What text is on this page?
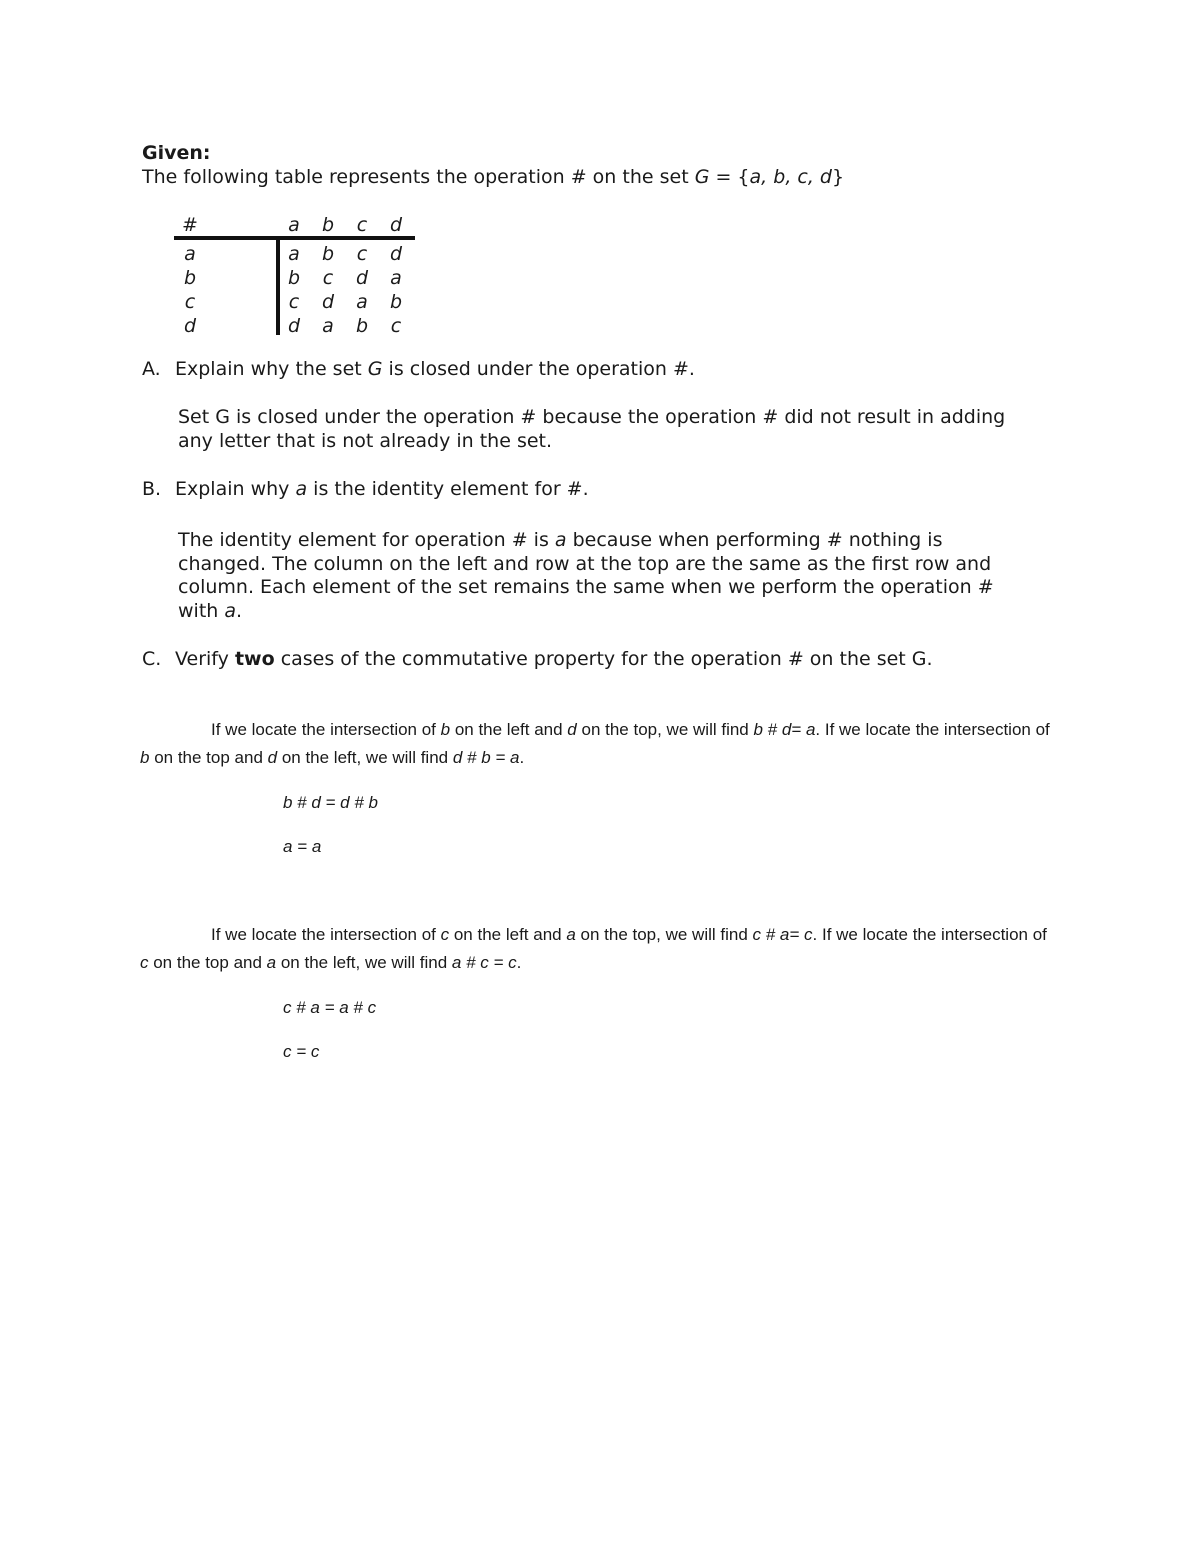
Given:
The following table represents the operation # on the set G = {a, b, c, d}
#	a b c d
a
b
c
d
a b c d
b c d a
c d a b
d a b c
A. Explain why the set G is closed under the operation #.
Set G is closed under the operation # because the operation # did not result in adding any letter that is not already in the set.
B. Explain why a is the identity element for #.
The identity element for operation # is a because when performing # nothing is changed. The column on the left and row at the top are the same as the first row and column. Each element of the set remains the same when we perform the operation # with a.
C. Verify two cases of the commutative property for the operation # on the set G.
If we locate the intersection of b on the left and d on the top, we will find b # d= a. If we locate the intersection of b on the top and d on the left, we will find d # b = a.
b # d = d # b
a = a
If we locate the intersection of c on the left and a on the top, we will find c # a= c. If we locate the intersection of c on the top and a on the left, we will find a # c = c.
c # a = a # c
c = c
